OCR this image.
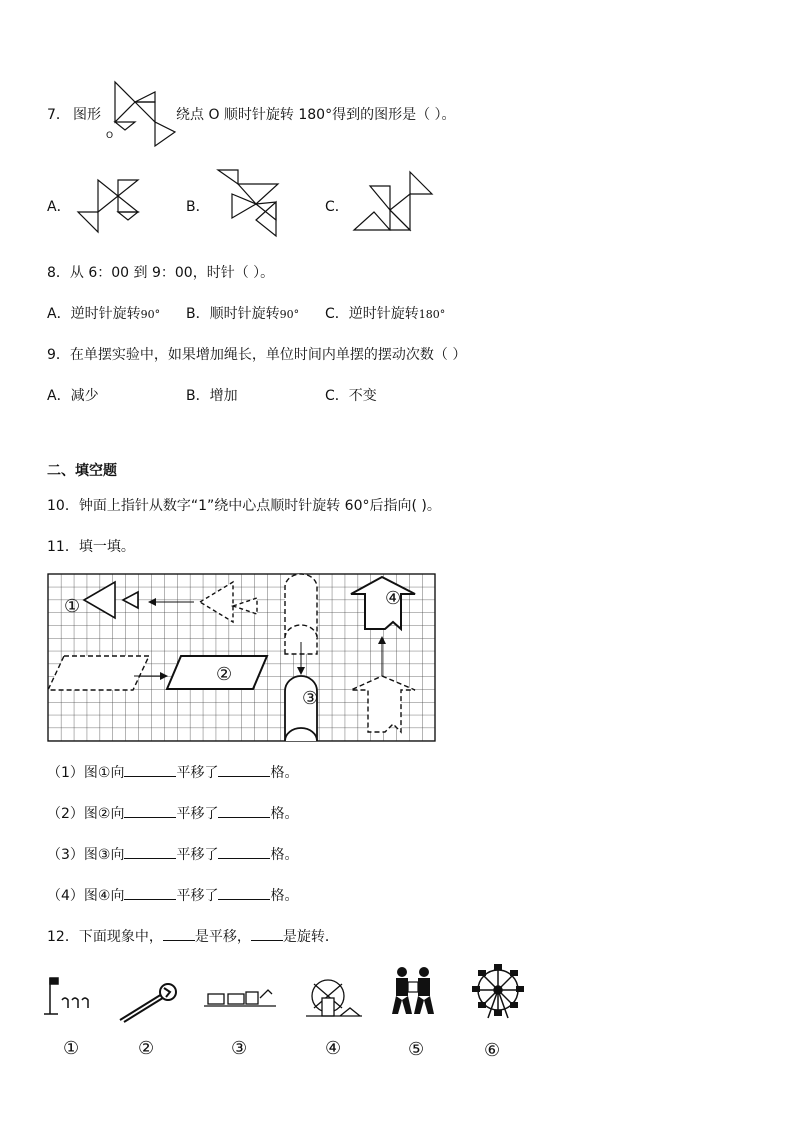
7． 图形
O
绕点 O 顺时针旋转 180°得到的图形是（ ）。
A．	B．	C．
8．从 6：00 到 9：00，时针（ ）。
A．逆时针旋转90° B．顺时针旋转90° C．逆时针旋转180°
9．在单摆实验中，如果增加绳长，单位时间内单摆的摆动次数（ ）
A．减少	B．增加	C．不变
二、填空题
10．钟面上指针从数字“1”绕中心点顺时针旋转 60°后指向( )。
11．填一填。
①
②
③
④
（1）图①向	平移了	格。
（2）图②向	平移了	格。
（3）图③向	平移了	格。
（4）图④向	平移了	格。
12．下面现象中， 是平移， 是旋转．
①	②	③	④	⑤	⑥
